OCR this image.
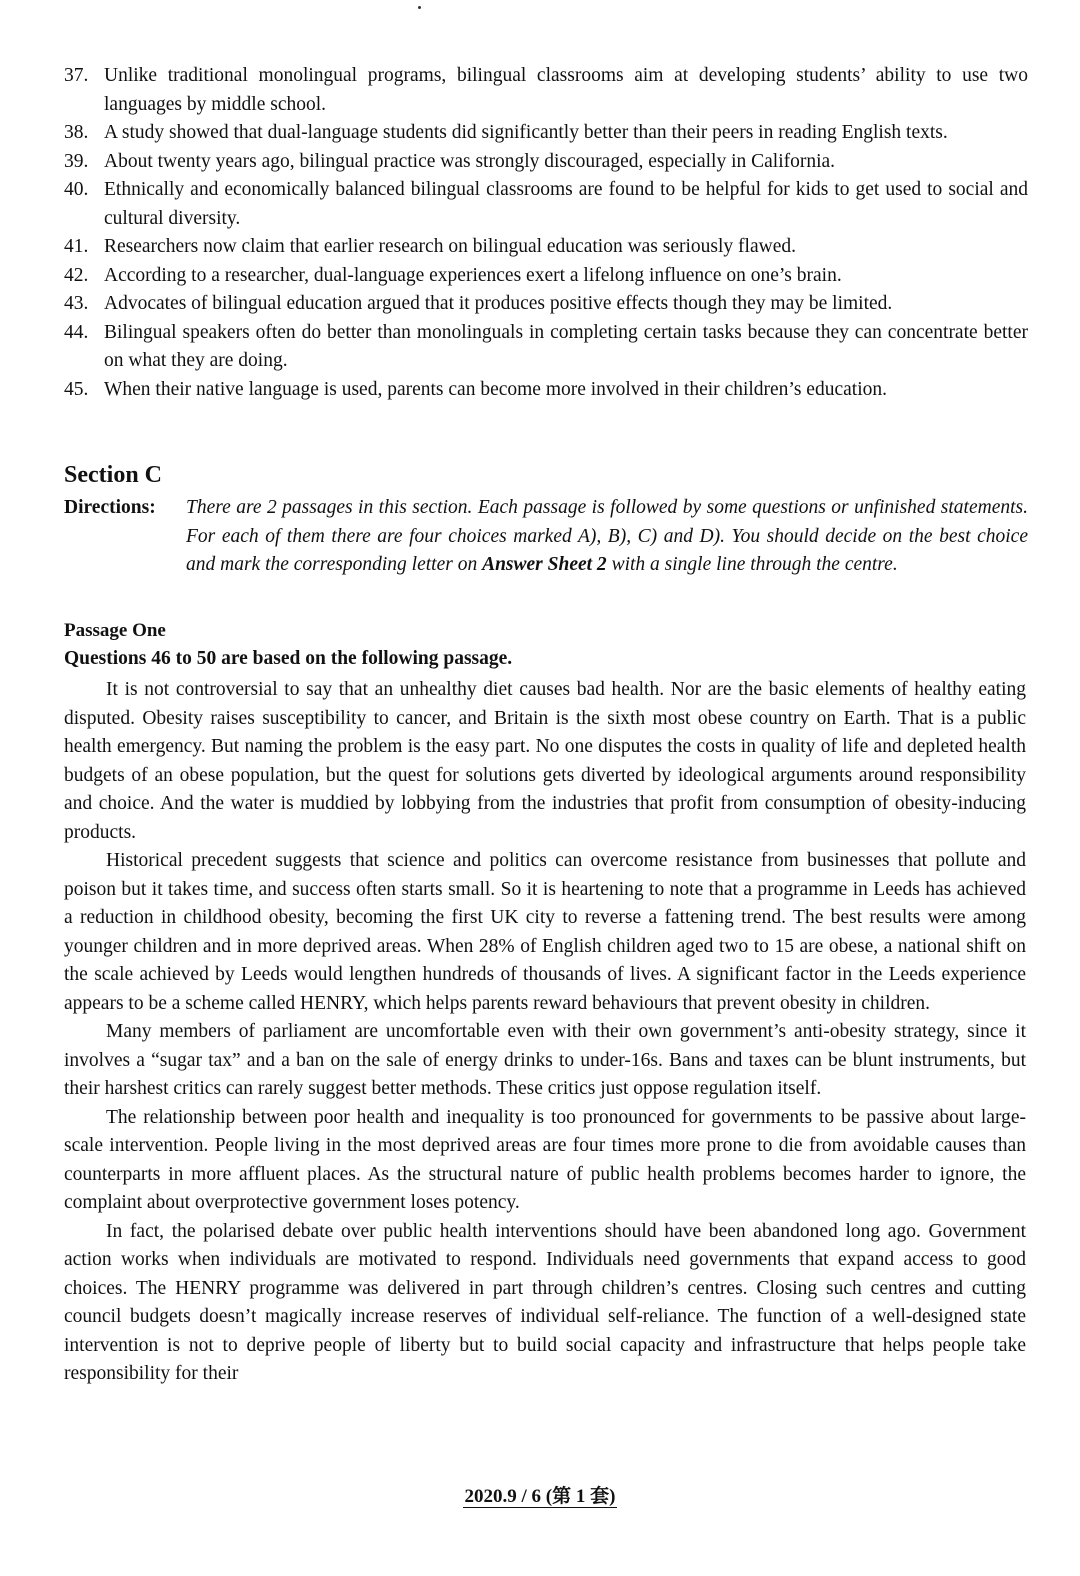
37. Unlike traditional monolingual programs, bilingual classrooms aim at developing students’ ability to use two languages by middle school.
38. A study showed that dual-language students did significantly better than their peers in reading English texts.
39. About twenty years ago, bilingual practice was strongly discouraged, especially in California.
40. Ethnically and economically balanced bilingual classrooms are found to be helpful for kids to get used to social and cultural diversity.
41. Researchers now claim that earlier research on bilingual education was seriously flawed.
42. According to a researcher, dual-language experiences exert a lifelong influence on one’s brain.
43. Advocates of bilingual education argued that it produces positive effects though they may be limited.
44. Bilingual speakers often do better than monolinguals in completing certain tasks because they can concentrate better on what they are doing.
45. When their native language is used, parents can become more involved in their children’s education.
Section C
Directions:	There are 2 passages in this section. Each passage is followed by some questions or unfinished statements. For each of them there are four choices marked A), B), C) and D). You should decide on the best choice and mark the corresponding letter on Answer Sheet 2 with a single line through the centre.
Passage One
Questions 46 to 50 are based on the following passage.

It is not controversial to say that an unhealthy diet causes bad health. Nor are the basic elements of healthy eating disputed. Obesity raises susceptibility to cancer, and Britain is the sixth most obese country on Earth. That is a public health emergency. But naming the problem is the easy part. No one disputes the costs in quality of life and depleted health budgets of an obese population, but the quest for solutions gets diverted by ideological arguments around responsibility and choice. And the water is muddied by lobbying from the industries that profit from consumption of obesity-inducing products.

Historical precedent suggests that science and politics can overcome resistance from businesses that pollute and poison but it takes time, and success often starts small. So it is heartening to note that a programme in Leeds has achieved a reduction in childhood obesity, becoming the first UK city to reverse a fattening trend. The best results were among younger children and in more deprived areas. When 28% of English children aged two to 15 are obese, a national shift on the scale achieved by Leeds would lengthen hundreds of thousands of lives. A significant factor in the Leeds experience appears to be a scheme called HENRY, which helps parents reward behaviours that prevent obesity in children.

Many members of parliament are uncomfortable even with their own government’s anti-obesity strategy, since it involves a “sugar tax” and a ban on the sale of energy drinks to under-16s. Bans and taxes can be blunt instruments, but their harshest critics can rarely suggest better methods. These critics just oppose regulation itself.

The relationship between poor health and inequality is too pronounced for governments to be passive about large-scale intervention. People living in the most deprived areas are four times more prone to die from avoidable causes than counterparts in more affluent places. As the structural nature of public health problems becomes harder to ignore, the complaint about overprotective government loses potency.

In fact, the polarised debate over public health interventions should have been abandoned long ago. Government action works when individuals are motivated to respond. Individuals need governments that expand access to good choices. The HENRY programme was delivered in part through children’s centres. Closing such centres and cutting council budgets doesn’t magically increase reserves of individual self-reliance. The function of a well-designed state intervention is not to deprive people of liberty but to build social capacity and infrastructure that helps people take responsibility for their

2020.9 / 6 (第 1 套)
